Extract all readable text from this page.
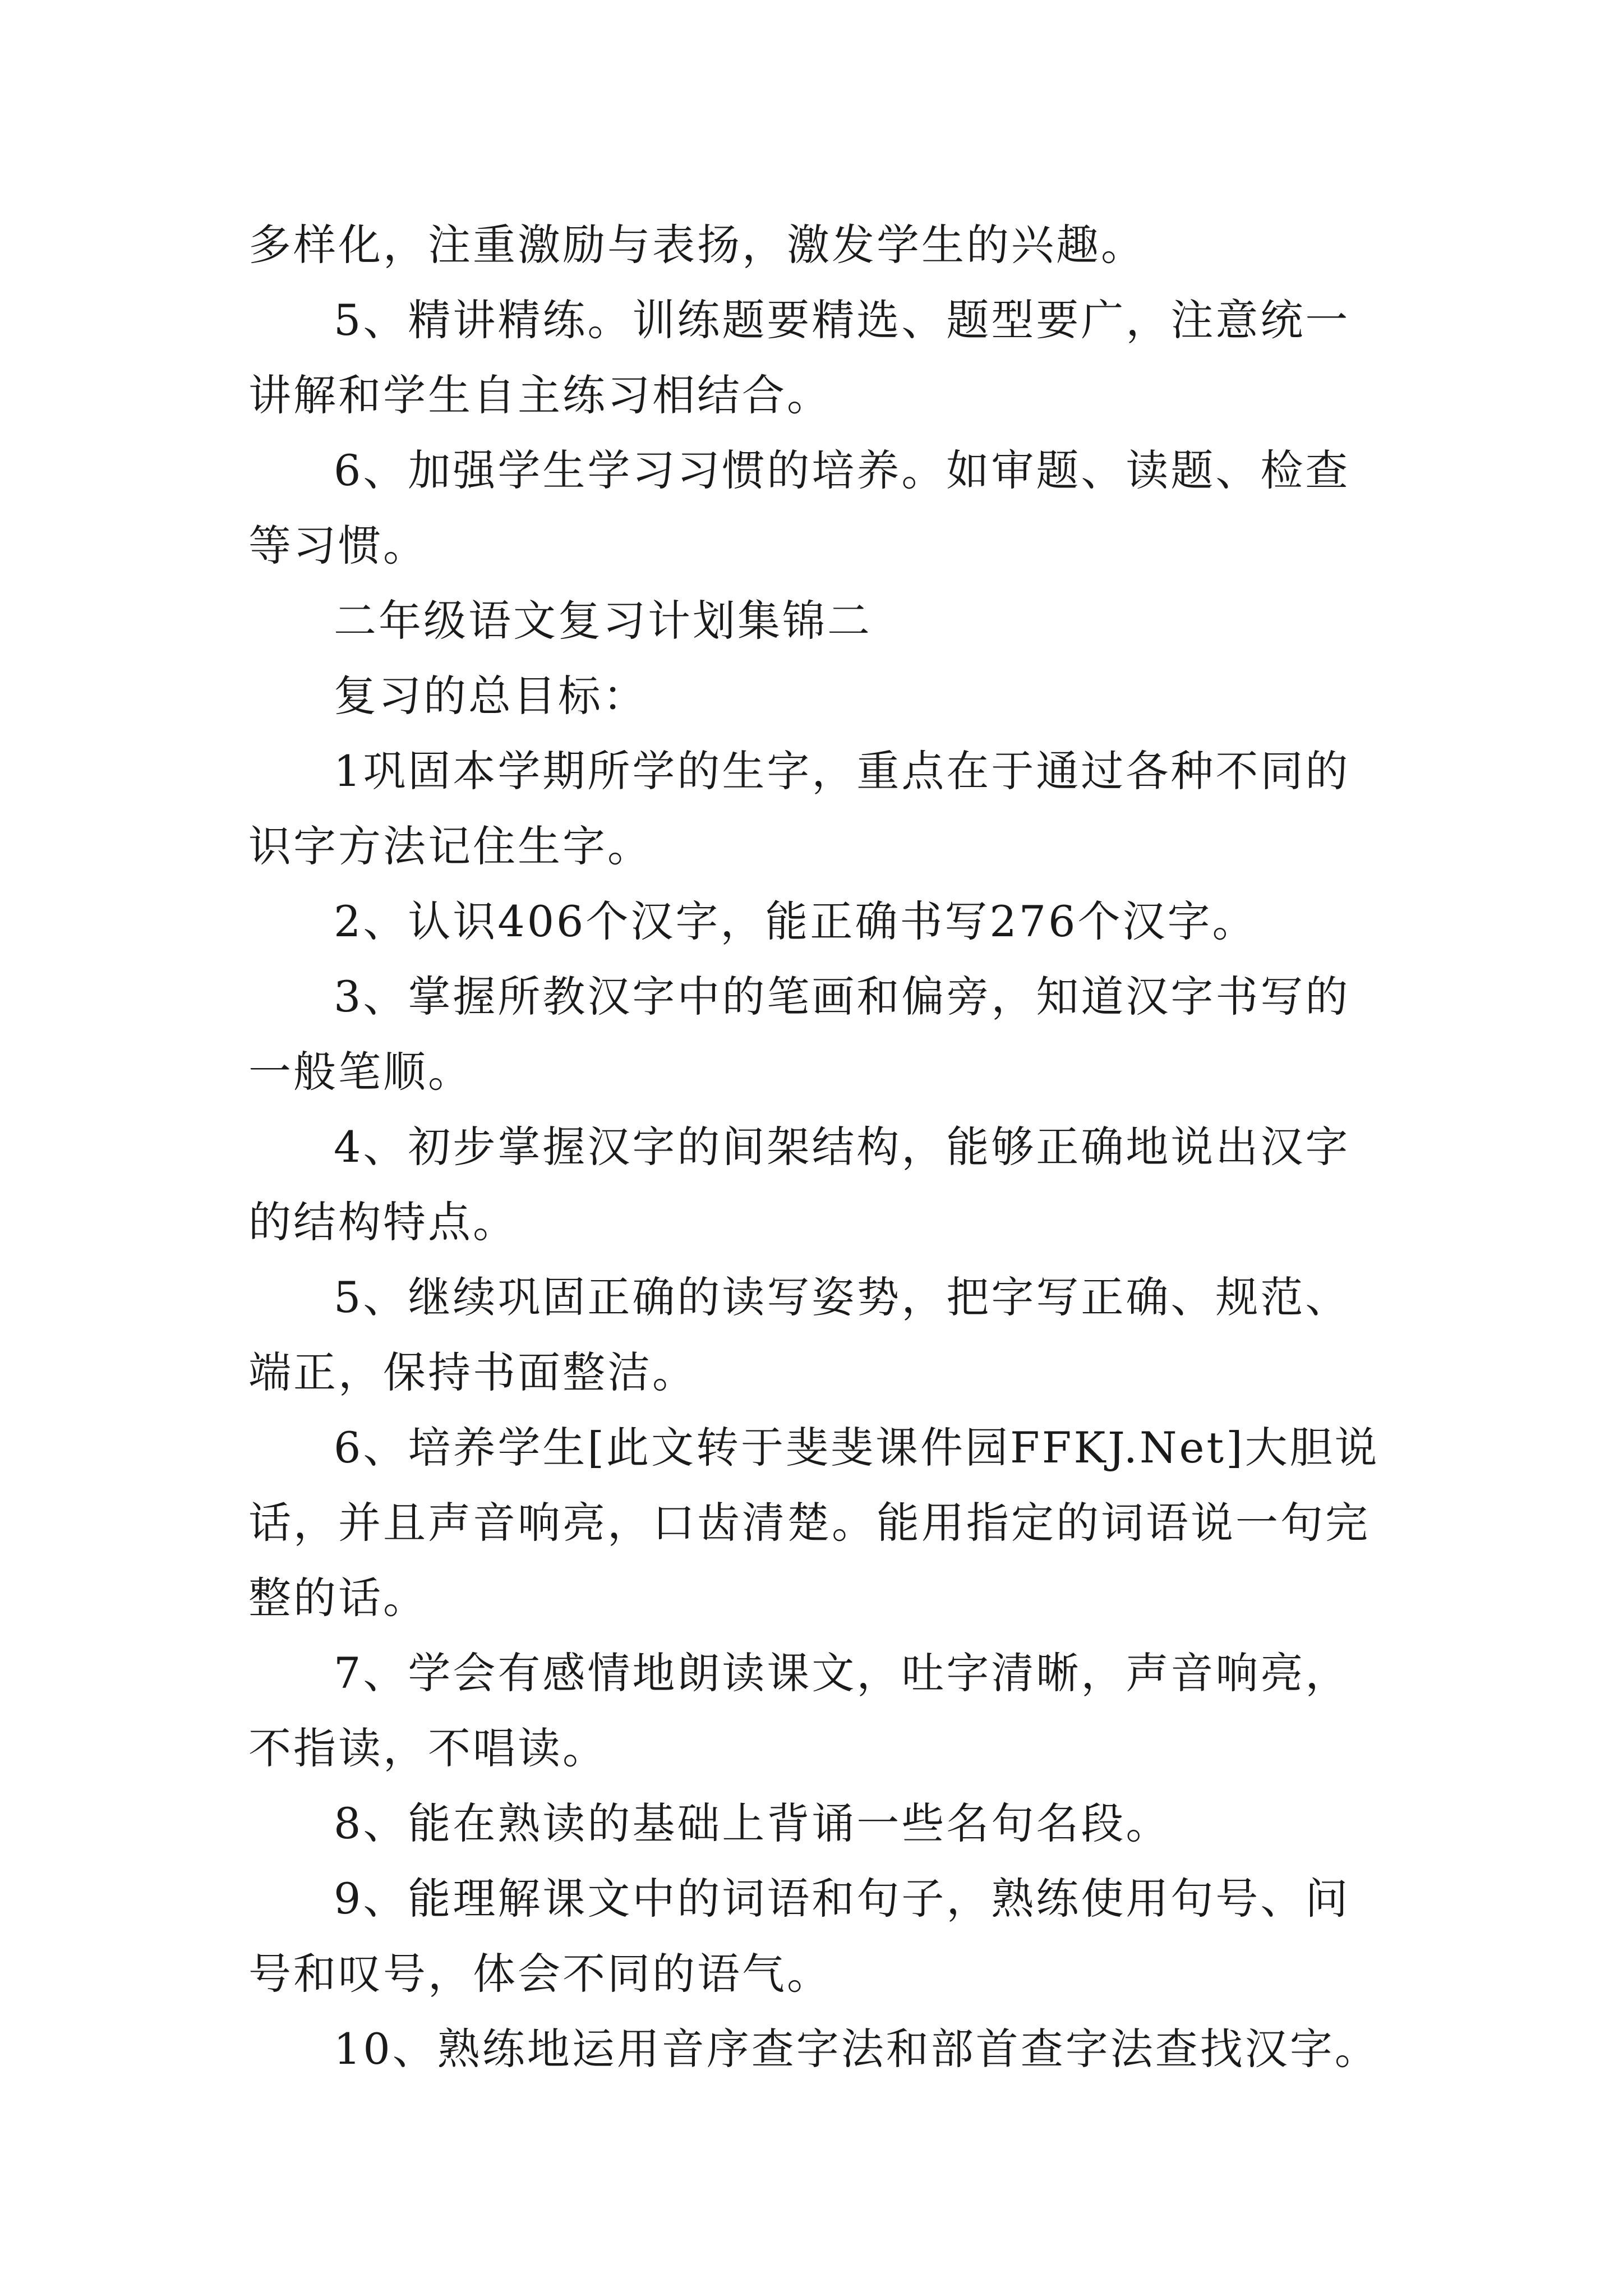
多样化，注重激励与表扬，激发学生的兴趣。

5、精讲精练。训练题要精选、题型要广，注意统一讲解和学生自主练习相结合。

6、加强学生学习习惯的培养。如审题、读题、检查等习惯。

二年级语文复习计划集锦二

复习的总目标：

1巩固本学期所学的生字，重点在于通过各种不同的识字方法记住生字。

2、认识406个汉字，能正确书写276个汉字。

3、掌握所教汉字中的笔画和偏旁，知道汉字书写的一般笔顺。

4、初步掌握汉字的间架结构，能够正确地说出汉字的结构特点。

5、继续巩固正确的读写姿势，把字写正确、规范、端正，保持书面整洁。

6、培养学生[此文转于斐斐课件园FFKJ.Net]大胆说话，并且声音响亮，口齿清楚。能用指定的词语说一句完整的话。

7、学会有感情地朗读课文，吐字清晰，声音响亮，不指读，不唱读。

8、能在熟读的基础上背诵一些名句名段。

9、能理解课文中的词语和句子，熟练使用句号、问号和叹号，体会不同的语气。

10、熟练地运用音序查字法和部首查字法查找汉字。
